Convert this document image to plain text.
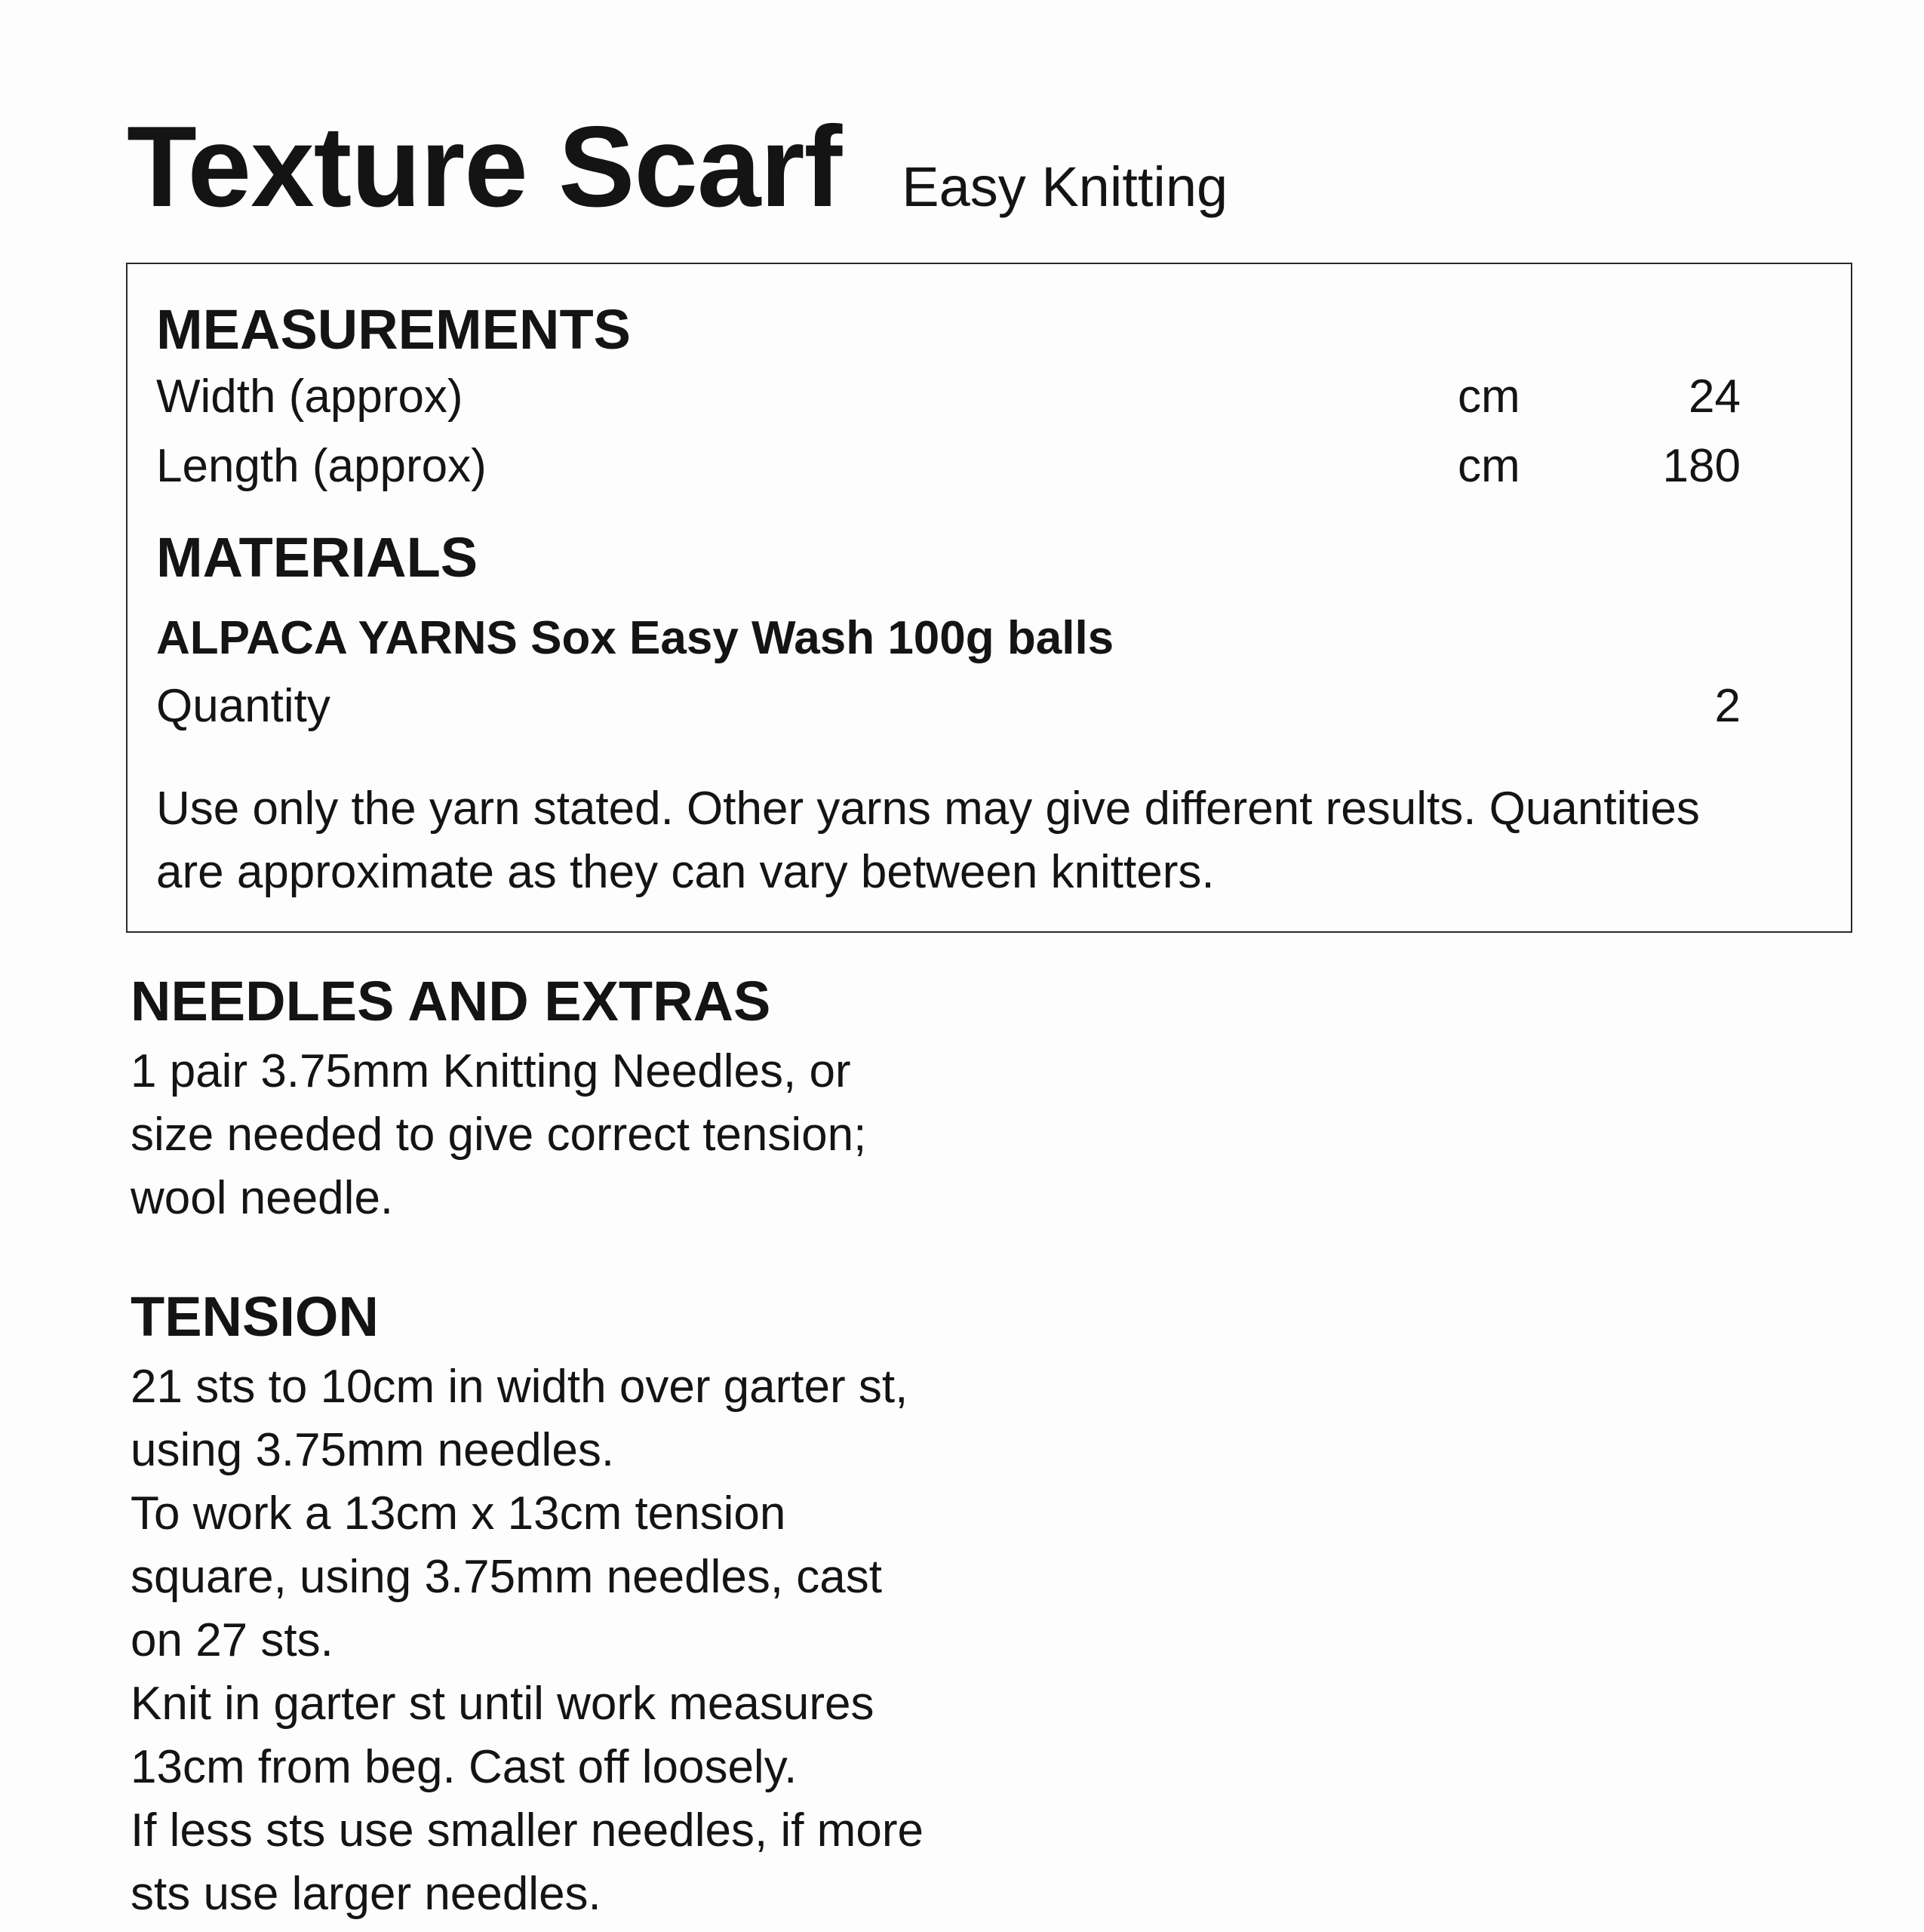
Texture Scarf Easy Knitting
MEASUREMENTS
Width (approx)	cm	24
Length (approx)	cm	180
MATERIALS
ALPACA YARNS Sox Easy Wash 100g balls
Quantity	2
Use only the yarn stated. Other yarns may give different results. Quantities
are approximate as they can vary between knitters.
NEEDLES AND EXTRAS
1 pair 3.75mm Knitting Needles, or
size needed to give correct tension;
wool needle.
TENSION
21 sts to 10cm in width over garter st,
using 3.75mm needles.
To work a 13cm x 13cm tension
square, using 3.75mm needles, cast
on 27 sts.
Knit in garter st until work measures
13cm from beg. Cast off loosely.
If less sts use smaller needles, if more
sts use larger needles.
